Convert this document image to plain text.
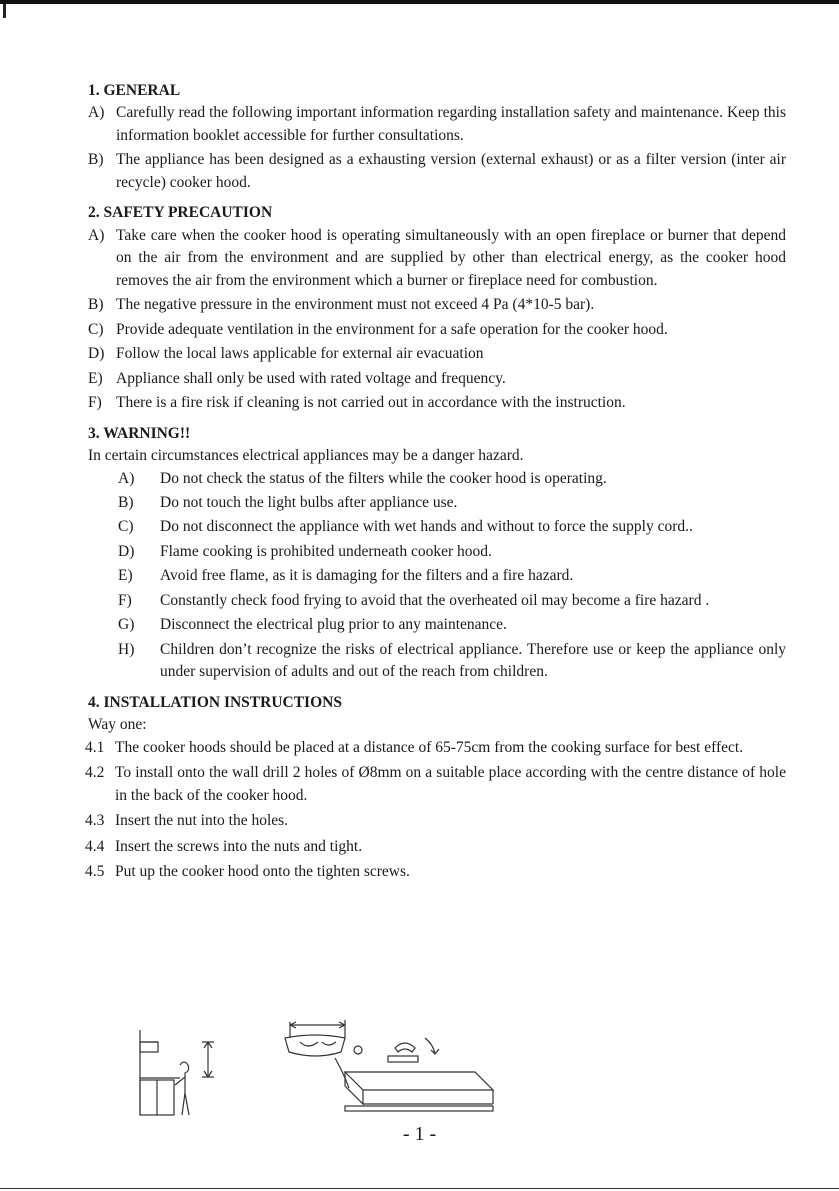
1. GENERAL

A) Carefully read the following important information regarding installation safety and maintenance. Keep this information booklet accessible for further consultations.
B) The appliance has been designed as a exhausting version (external exhaust) or as a filter version (inter air recycle) cooker hood.

2. SAFETY PRECAUTION

A) Take care when the cooker hood is operating simultaneously with an open fireplace or burner that depend on the air from the environment and are supplied by other than electrical energy, as the cooker hood removes the air from the environment which a burner or fireplace need for combustion.
B) The negative pressure in the environment must not exceed 4 Pa (4*10-5 bar).
C) Provide adequate ventilation in the environment for a safe operation for the cooker hood.
D) Follow the local laws applicable for external air evacuation
E) Appliance shall only be used with rated voltage and frequency.
F) There is a fire risk if cleaning is not carried out in accordance with the instruction.

3. WARNING!!

In certain circumstances electrical appliances may be a danger hazard.

A)	Do not check the status of the filters while the cooker hood is operating.
B)	Do not touch the light bulbs after appliance use.
C)	Do not disconnect the appliance with wet hands and without to force the supply cord..
D)	Flame cooking is prohibited underneath cooker hood.
E)	Avoid free flame, as it is damaging for the filters and a fire hazard.
F)	Constantly check food frying to avoid that the overheated oil may become a fire hazard .
G)	Disconnect the electrical plug prior to any maintenance.
H)	Children don’t recognize the risks of electrical appliance. Therefore use or keep the appliance only under supervision of adults and out of the reach from children.

4. INSTALLATION INSTRUCTIONS

Way one:

4.1 The cooker hoods should be placed at a distance of 65-75cm from the cooking surface for best effect.
4.2 To install onto the wall drill 2 holes of Ø8mm on a suitable place according with the centre distance of hole in the back of the cooker hood.
4.3 Insert the nut into the holes.
4.4 Insert the screws into the nuts and tight.
4.5 Put up the cooker hood onto the tighten screws.
- 1 -
